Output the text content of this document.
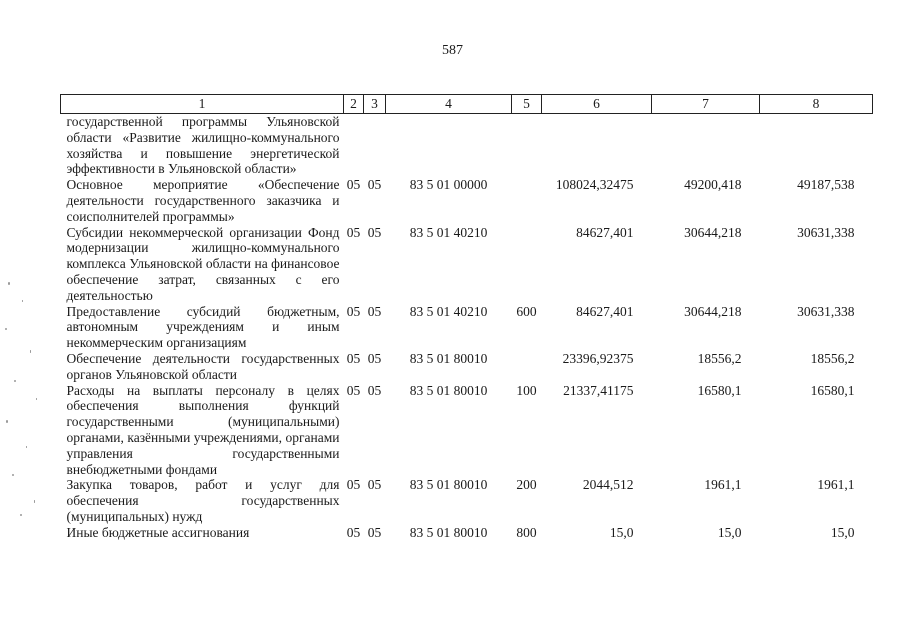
587
1	2	3	4	5	6	7	8
государственной программы Ульяновской области «Развитие жилищно-коммунального хозяйства и повышение энергетической эффективности в Ульяновской области»							
Основное мероприятие «Обеспечение деятельности государственного заказчика и соисполнителей программы»	05	05	83 5 01 00000		108024,32475	49200,418	49187,538
Субсидии некоммерческой организации Фонд модернизации жилищно-коммунального комплекса Ульяновской области на финансовое обеспечение затрат, связанных с его деятельностью	05	05	83 5 01 40210		84627,401	30644,218	30631,338
Предоставление субсидий бюджетным, автономным учреждениям и иным некоммерческим организациям	05	05	83 5 01 40210	600	84627,401	30644,218	30631,338
Обеспечение деятельности государственных органов Ульяновской области	05	05	83 5 01 80010		23396,92375	18556,2	18556,2
Расходы на выплаты персоналу в целях обеспечения выполнения функций государственными (муниципальными) органами, казёнными учреждениями, органами управления государственными внебюджетными фондами	05	05	83 5 01 80010	100	21337,41175	16580,1	16580,1
Закупка товаров, работ и услуг для обеспечения государственных (муниципальных) нужд	05	05	83 5 01 80010	200	2044,512	1961,1	1961,1
Иные бюджетные ассигнования	05	05	83 5 01 80010	800	15,0	15,0	15,0
